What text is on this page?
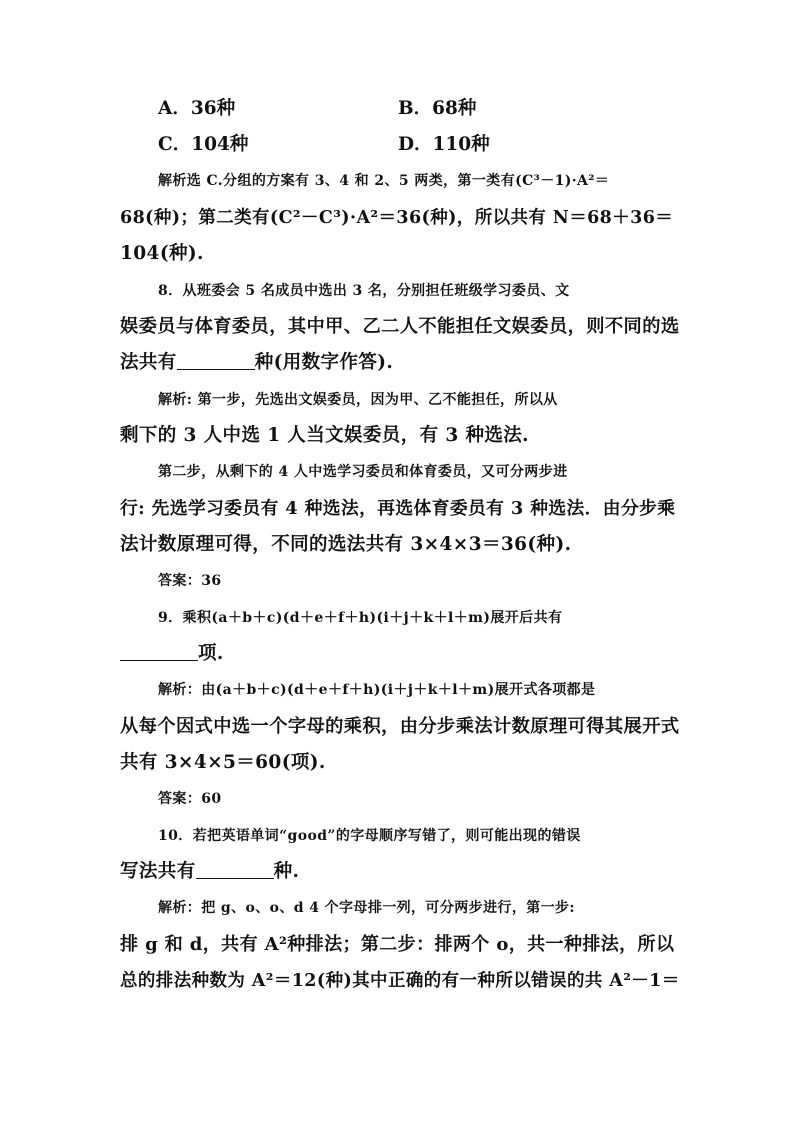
A．36种	B．68种
C．104种	D．110种
解析选 C.分组的方案有 3、4 和 2、5 两类，第一类有(C³－1)·A²＝
68(种)；第二类有(C²－C³)·A²＝36(种)，所以共有 N＝68＋36＝
104(种).
8．从班委会 5 名成员中选出 3 名，分别担任班级学习委员、文
娱委员与体育委员，其中甲、乙二人不能担任文娱委员，则不同的选
法共有	种(用数字作答).
解析: 第一步，先选出文娱委员，因为甲、乙不能担任，所以从
剩下的 3 人中选 1 人当文娱委员，有 3 种选法.
第二步，从剩下的 4 人中选学习委员和体育委员，又可分两步进
行: 先选学习委员有 4 种选法，再选体育委员有 3 种选法．由分步乘
法计数原理可得，不同的选法共有 3×4×3＝36(种).
答案：36
9．乘积(a＋b＋c)(d＋e＋f＋h)(i＋j＋k＋l＋m)展开后共有
项.
解析：由(a＋b＋c)(d＋e＋f＋h)(i＋j＋k＋l＋m)展开式各项都是
从每个因式中选一个字母的乘积，由分步乘法计数原理可得其展开式
共有 3×4×5＝60(项).
答案：60
10．若把英语单词“good”的字母顺序写错了，则可能出现的错误
写法共有	种.
解析：把 g、o、o、d 4 个字母排一列，可分两步进行，第一步:
排 g 和 d，共有 A²种排法；第二步：排两个 o，共一种排法，所以
总的排法种数为 A²＝12(种)其中正确的有一种所以错误的共 A²－1＝
